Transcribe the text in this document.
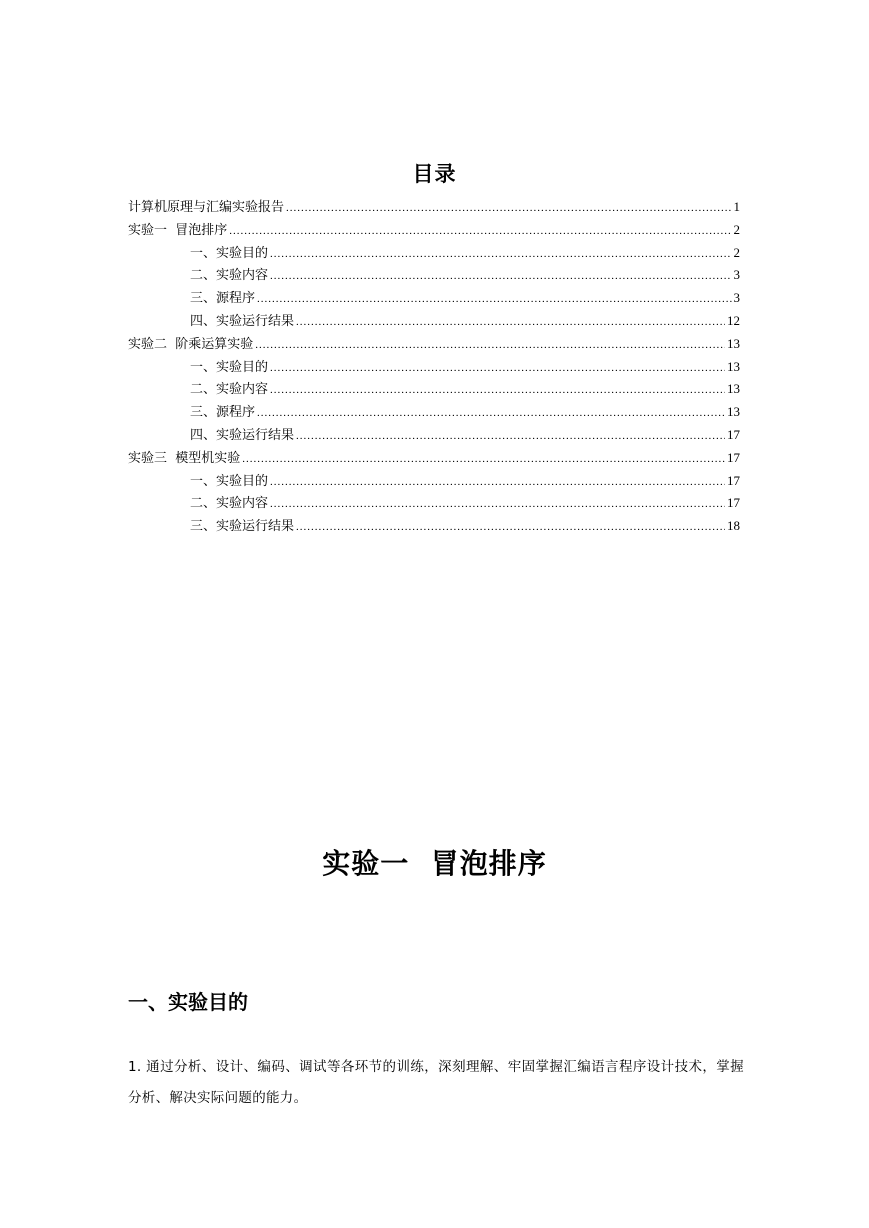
目录
计算机原理与汇编实验报告 .....	1
实验一  冒泡排序 .....	2
一、实验目的 .....	2
二、实验内容 .....	3
三、源程序 .....	3
四、实验运行结果 .....	12
实验二  阶乘运算实验 .....	13
一、实验目的 .....	13
二、实验内容 .....	13
三、源程序 .....	13
四、实验运行结果 .....	17
实验三  模型机实验 .....	17
一、实验目的 .....	17
二、实验内容 .....	17
三、实验运行结果 .....	18
实验一  冒泡排序
一、实验目的
1. 通过分析、设计、编码、调试等各环节的训练，深刻理解、牢固掌握汇编语言程序设计技术，掌握分析、解决实际问题的能力。
